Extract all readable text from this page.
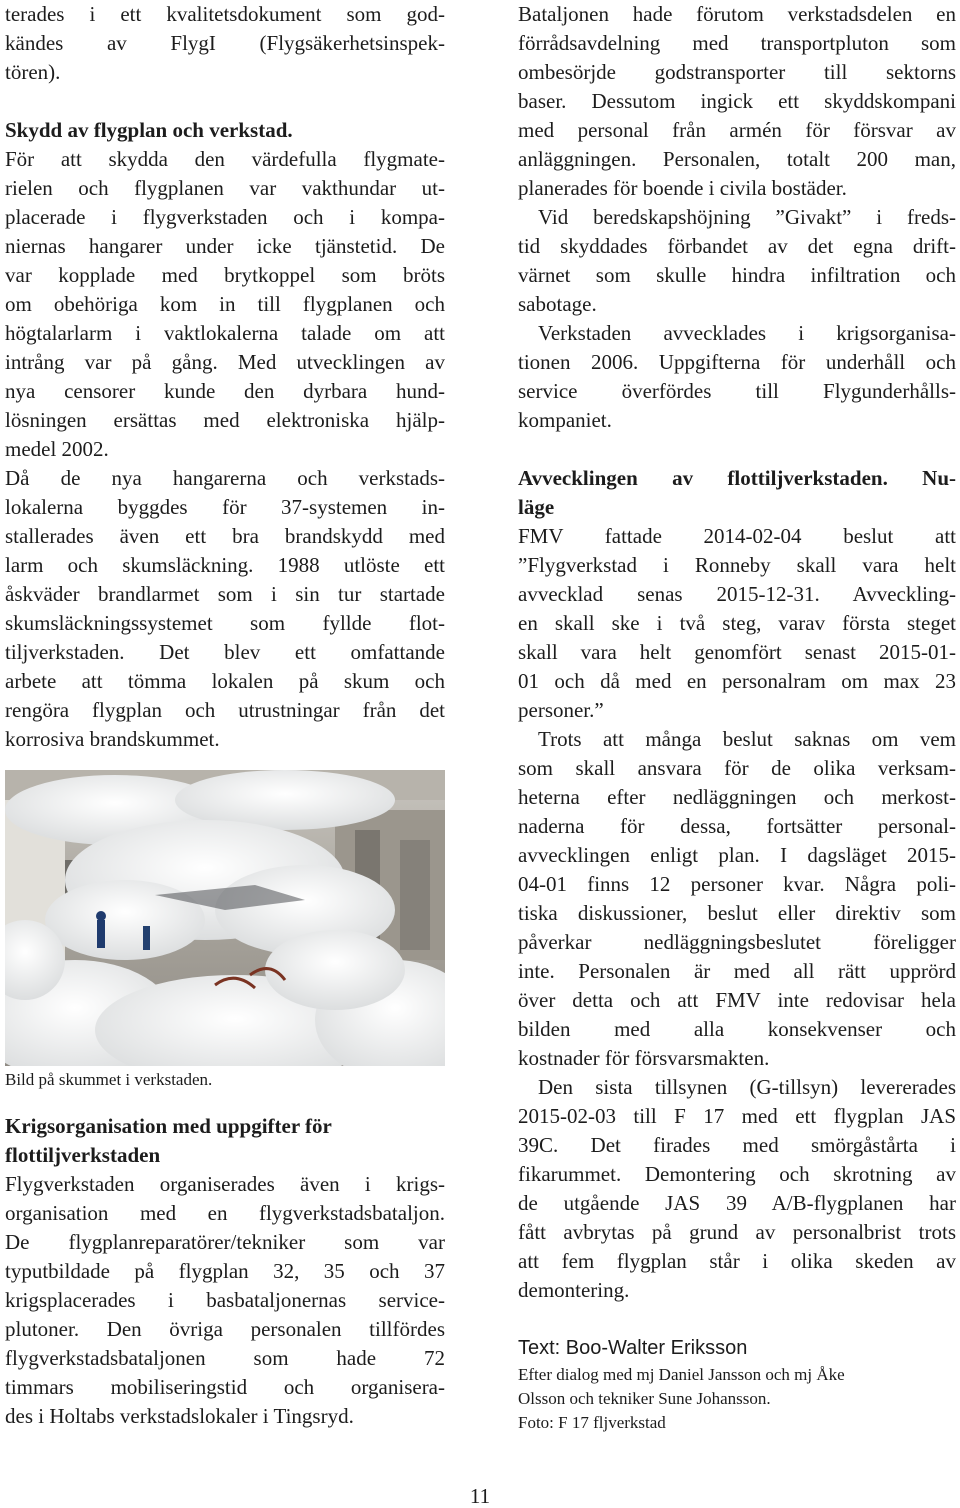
terades i ett kvalitetsdokument som god-
kändes av FlygI (Flygsäkerhetsinspek-
tören).
Skydd av flygplan och verkstad.
För att skydda den värdefulla flygmate-
rielen och flygplanen var vakthundar ut-
placerade i flygverkstaden och i kompa-
niernas hangarer under icke tjänstetid. De
var kopplade med brytkoppel som bröts
om obehöriga kom in till flygplanen och
högtalarlarm i vaktlokalerna talade om att
intrång var på gång. Med utvecklingen av
nya censorer kunde den dyrbara hund-
lösningen ersättas med elektroniska hjälp-
medel 2002.
Då de nya hangarerna och verkstads-
lokalerna byggdes för 37-systemen in-
stallerades även ett bra brandskydd med
larm och skumsläckning. 1988 utlöste ett
åskväder brandlarmet som i sin tur startade
skumsläckningssystemet som fyllde flot-
tiljverkstaden. Det blev ett omfattande
arbete att tömma lokalen på skum och
rengöra flygplan och utrustningar från det
korrosiva brandskummet.
Bild på skummet i verkstaden.
Krigsorganisation med uppgifter för
flottiljverkstaden
Flygverkstaden organiserades även i krigs-
organisation med en flygverkstadsbataljon.
De flygplanreparatörer/tekniker som var
typutbildade på flygplan 32, 35 och 37
krigsplacerades i basbataljonernas service-
plutoner. Den övriga personalen tillfördes
flygverkstadsbataljonen som hade 72
timmars mobiliseringstid och organisera-
des i Holtabs verkstadslokaler i Tingsryd.
Bataljonen hade förutom verkstadsdelen en
förrådsavdelning med transportpluton som
ombesörjde godstransporter till sektorns
baser. Dessutom ingick ett skyddskompani
med personal från armén för försvar av
anläggningen. Personalen, totalt 200 man,
planerades för boende i civila bostäder.
Vid beredskapshöjning ”Givakt” i freds-
tid skyddades förbandet av det egna drift-
värnet som skulle hindra infiltration och
sabotage.
Verkstaden avvecklades i krigsorganisa-
tionen 2006. Uppgifterna för underhåll och
service överfördes till Flygunderhålls-
kompaniet.
Avvecklingen av flottiljverkstaden. Nu-
läge
FMV fattade 2014-02-04 beslut att
”Flygverkstad i Ronneby skall vara helt
avvecklad senas 2015-12-31. Avveckling-
en skall ske i två steg, varav första steget
skall vara helt genomfört senast 2015-01-
01 och då med en personalram om max 23
personer.”
Trots att många beslut saknas om vem
som skall ansvara för de olika verksam-
heterna efter nedläggningen och merkost-
naderna för dessa, fortsätter personal-
avvecklingen enligt plan. I dagsläget 2015-
04-01 finns 12 personer kvar. Några poli-
tiska diskussioner, beslut eller direktiv som
påverkar nedläggningsbeslutet föreligger
inte. Personalen är med all rätt upprörd
över detta och att FMV inte redovisar hela
bilden med alla konsekvenser och
kostnader för försvarsmakten.
Den sista tillsynen (G-tillsyn) levererades
2015-02-03 till F 17 med ett flygplan JAS
39C. Det firades med smörgåstårta i
fikarummet. Demontering och skrotning av
de utgående JAS 39 A/B-flygplanen har
fått avbrytas på grund av personalbrist trots
att fem flygplan står i olika skeden av
demontering.
Text: Boo-Walter Eriksson
Efter dialog med mj Daniel Jansson och mj Åke
Olsson och tekniker Sune Johansson.
Foto: F 17 fljverkstad
11
